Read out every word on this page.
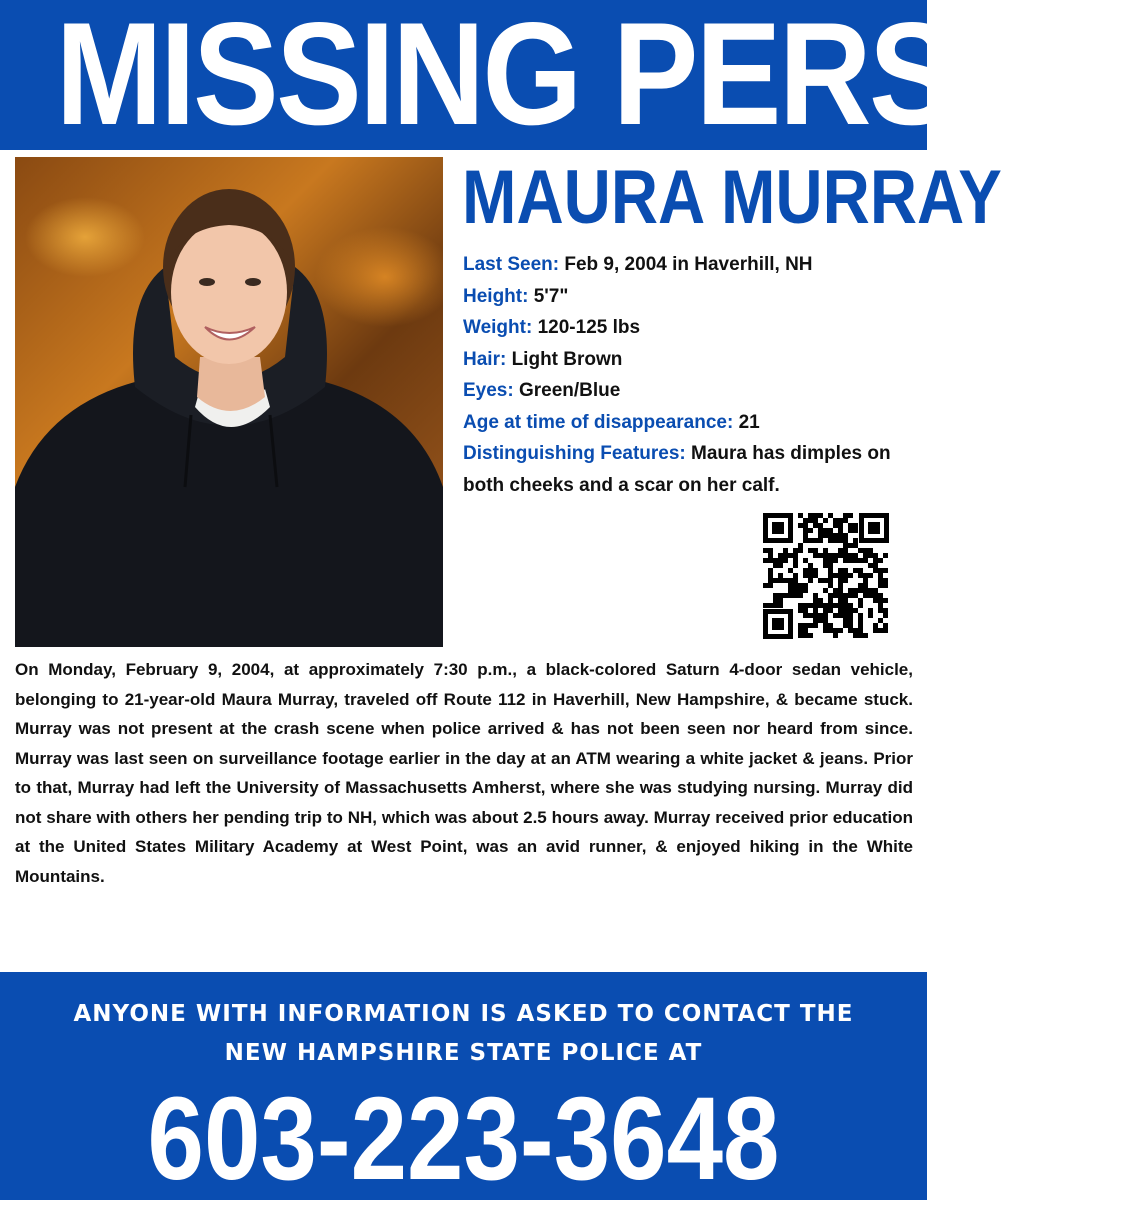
MISSING PERSON
MAURA MURRAY
Last Seen: Feb 9, 2004 in Haverhill, NH
Height: 5'7"
Weight: 120-125 lbs
Hair: Light Brown
Eyes: Green/Blue
Age at time of disappearance: 21
Distinguishing Features: Maura has dimples on both cheeks and a scar on her calf.
On Monday, February 9, 2004, at approximately 7:30 p.m., a black-colored Saturn 4-door sedan vehicle, belonging to 21-year-old Maura Murray, traveled off Route 112 in Haverhill, New Hampshire, & became stuck. Murray was not present at the crash scene when police arrived & has not been seen nor heard from since. Murray was last seen on surveillance footage earlier in the day at an ATM wearing a white jacket & jeans. Prior to that, Murray had left the University of Massachusetts Amherst, where she was studying nursing. Murray did not share with others her pending trip to NH, which was about 2.5 hours away. Murray received prior education at the United States Military Academy at West Point, was an avid runner, & enjoyed hiking in the White Mountains.
ANYONE WITH INFORMATION IS ASKED TO CONTACT THE
NEW HAMPSHIRE STATE POLICE AT
603-223-3648
